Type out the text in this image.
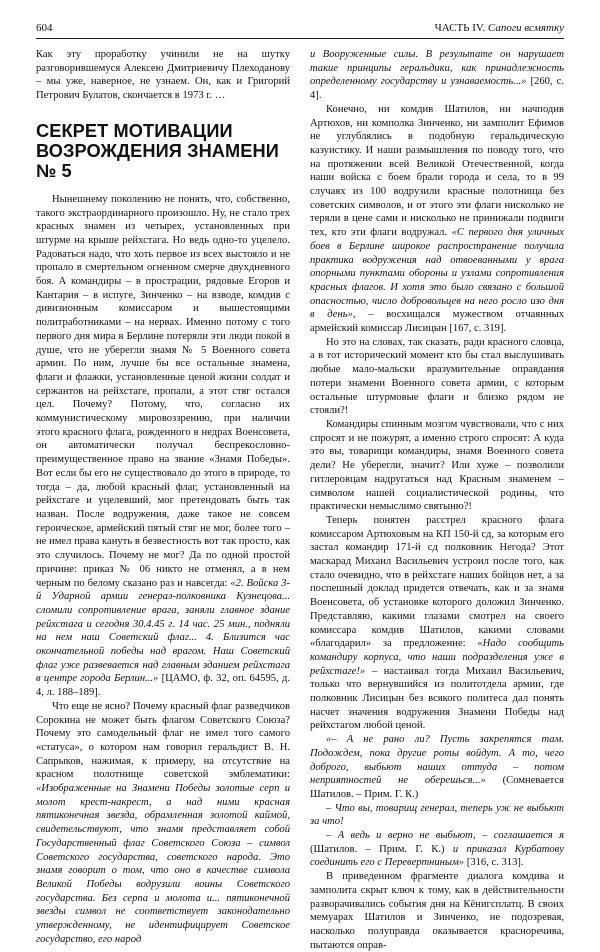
604	ЧАСТЬ IV. Сапоги всмятку

Как эту проработку учинили не на шутку разговорившемуся Алексею Дмитриевичу Плеходанову – мы уже, наверное, не узнаем. Он, как и Григорий Петрович Булатов, скончается в 1973 г. …

СЕКРЕТ МОТИВАЦИИ ВОЗРОЖДЕНИЯ ЗНАМЕНИ № 5

Нынешнему поколению не понять, что, собственно, такого экстраординарного произошло. Ну, не стало трех красных знамен из четырех, установленных при штурме на крыше рейхстага. Но ведь одно-то уцелело. Радоваться надо, что хоть первое из всех выстояло и не пропало в смертельном огненном смерче двухдневного боя. А командиры – в прострации, рядовые Егоров и Кантария – в испуге, Зинченко – на взводе, комдив с дивизионным комиссаром и вышестоящими политработниками – на нервах. Именно потому с того первого дня мира в Берлине потеряли эти люди покой в душе, что не уберегли знамя № 5 Военного совета армии. По ним, лучше бы все остальные знамена, флаги и флажки, установленные ценой жизни солдат и сержантов на рейхстаге, пропали, а этот стяг остался цел. Почему? Потому, что, согласно их коммунистическому мировоззрению, при наличии этого красного флага, рожденного в недрах Военсовета, он автоматически получал беспрекословно-преимущественное право на звание «Знамя Победы». Вот если бы его не существовало до этого в природе, то тогда – да, любой красный флаг, установленный на рейхстаге и уцелевший, мог претендовать быть так назван. После водружения, даже такое не совсем героическое, армейский пятый стяг не мог, более того – не имел права кануть в безвестность вот так просто, как это случилось. Почему не мог? Да по одной простой причине: приказ № 06 никто не отменял, а в нем черным по белому сказано раз и навсегда: «2. Войска 3-й Ударной армии генерал-полковника Кузнецова... сломили сопротивление врага, заняли главное здание рейхстага и сегодня 30.4.45 г. 14 час. 25 мин., подняли на нем наш Советский флаг... 4. Близится час окончательной победы над врагом. Наш Советский флаг уже развевается над главным зданием рейхстага в центре города Берлин...» [ЦАМО, ф. 32, оп. 64595, д. 4, л. 188–189].

Что еще не ясно? Почему красный флаг разведчиков Сорокина не может быть флагом Советского Союза? Почему это самодельный флаг не имел того самого «статуса», о котором нам говорил геральдист В. Н. Сапрыков, нажимая, к примеру, на отсутствие на красном полотнище советской эмблематики: «Изображенные на Знамени Победы золотые серп и молот крест-накрест, а над ними красная пятиконечная звезда, обрамленная золотой каймой, свидетельствуют, что знамя представляет собой Государственный флаг Советского Союза – символ Советского государства, советского народа. Это знамя говорит о том, что оно в качестве символа Великой Победы водрузили воины Советского государства. Без серпа и молота и... пятиконечной звезды символ не соответствует законодательно утвержденному, не идентифицирует Советское государство, его народ

и Вооруженные силы. В результате он нарушает такие принципы геральдики, как принадлежность определенному государству и узнаваемость...» [260, с. 4].

Конечно, ни комдив Шатилов, ни начподив Артюхов, ни комполка Зинченко, ни замполит Ефимов не углублялись в подобную геральдическую казуистику. И наши размышления по поводу того, что на протяжении всей Великой Отечественной, когда наши войска с боем брали города и села, то в 99 случаях из 100 водрузили красные полотнища без советских символов, и от этого эти флаги нисколько не теряли в цене сами и нисколько не принижали подвиги тех, кто эти флаги водружал. «С первого дня уличных боев в Берлине широкое распространение получила практика водружения над отвоеванными у врага опорными пунктами обороны и узлами сопротивления красных флагов. И хотя это было связано с большой опасностью, число добровольцев на него росло изо дня в день», – восхищался мужеством отчаянных армейский комиссар Лисицын [167, с. 319].

Но это на словах, так сказать, ради красного словца, а в тот исторический момент кто бы стал выслушивать любые мало-мальски вразумительные оправдания потери знамени Военного совета армии, с которым остальные штурмовые флаги и близко рядом не стояли?!

Командиры спинным мозгом чувствовали, что с них спросят и не пожурят, а именно строго спросят: А куда это вы, товарищи командиры, знамя Военного совета дели? Не уберегли, значит? Или хуже – позволили гитлеровцам надругаться над Красным знаменем – символом нашей социалистической родины, что практически немыслимо святыню?!

Теперь понятен расстрел красного флага комиссаром Артюховым на КП 150-й сд, за которым его застал командир 171-й сд полковник Негода? Этот маскарад Михаил Васильевич устроил после того, как стало очевидно, что в рейхстаге наших бойцов нет, а за поспешный доклад придется отвечать, как и за знамя Военсовета, об установке которого доложил Зинченко. Представляю, какими глазами смотрел на своего комиссара комдив Шатилов, какими словами «благодарил» за предложение: «Надо сообщить командиру корпуса, что наши подразделения уже в рейхстаге!» – настаивал тогда Михаил Васильевич, только что вернувшийся из политотдела армии, где полковник Лисицын без всякого политеса дал понять насчет значения водружения Знамени Победы над рейхстагом любой ценой.

«– А не рано ли? Пусть закрепятся там. Подождем, пока другие роты войдут. А то, чего доброго, выбьют наших оттуда – потом неприятностей не оберешься...» (Сомневается Шатилов. – Прим. Г. К.)

– Что вы, товарищ генерал, теперь уж не выбьют за что!

– А ведь и верно не выбьют, – соглашается я (Шатилов. – Прим. Г. К.) и приказал Курбатову соединить его с Перевертниным» [316, с. 313].

В приведенном фрагменте диалога комдива и замполита скрыт ключ к тому, как в действительности разворачивались события дня на Кёнигсплатц. В своих мемуарах Шатилов и Зинченко, не подозревая, насколько полуправда оказывается красноречива, пытаются оправ-
